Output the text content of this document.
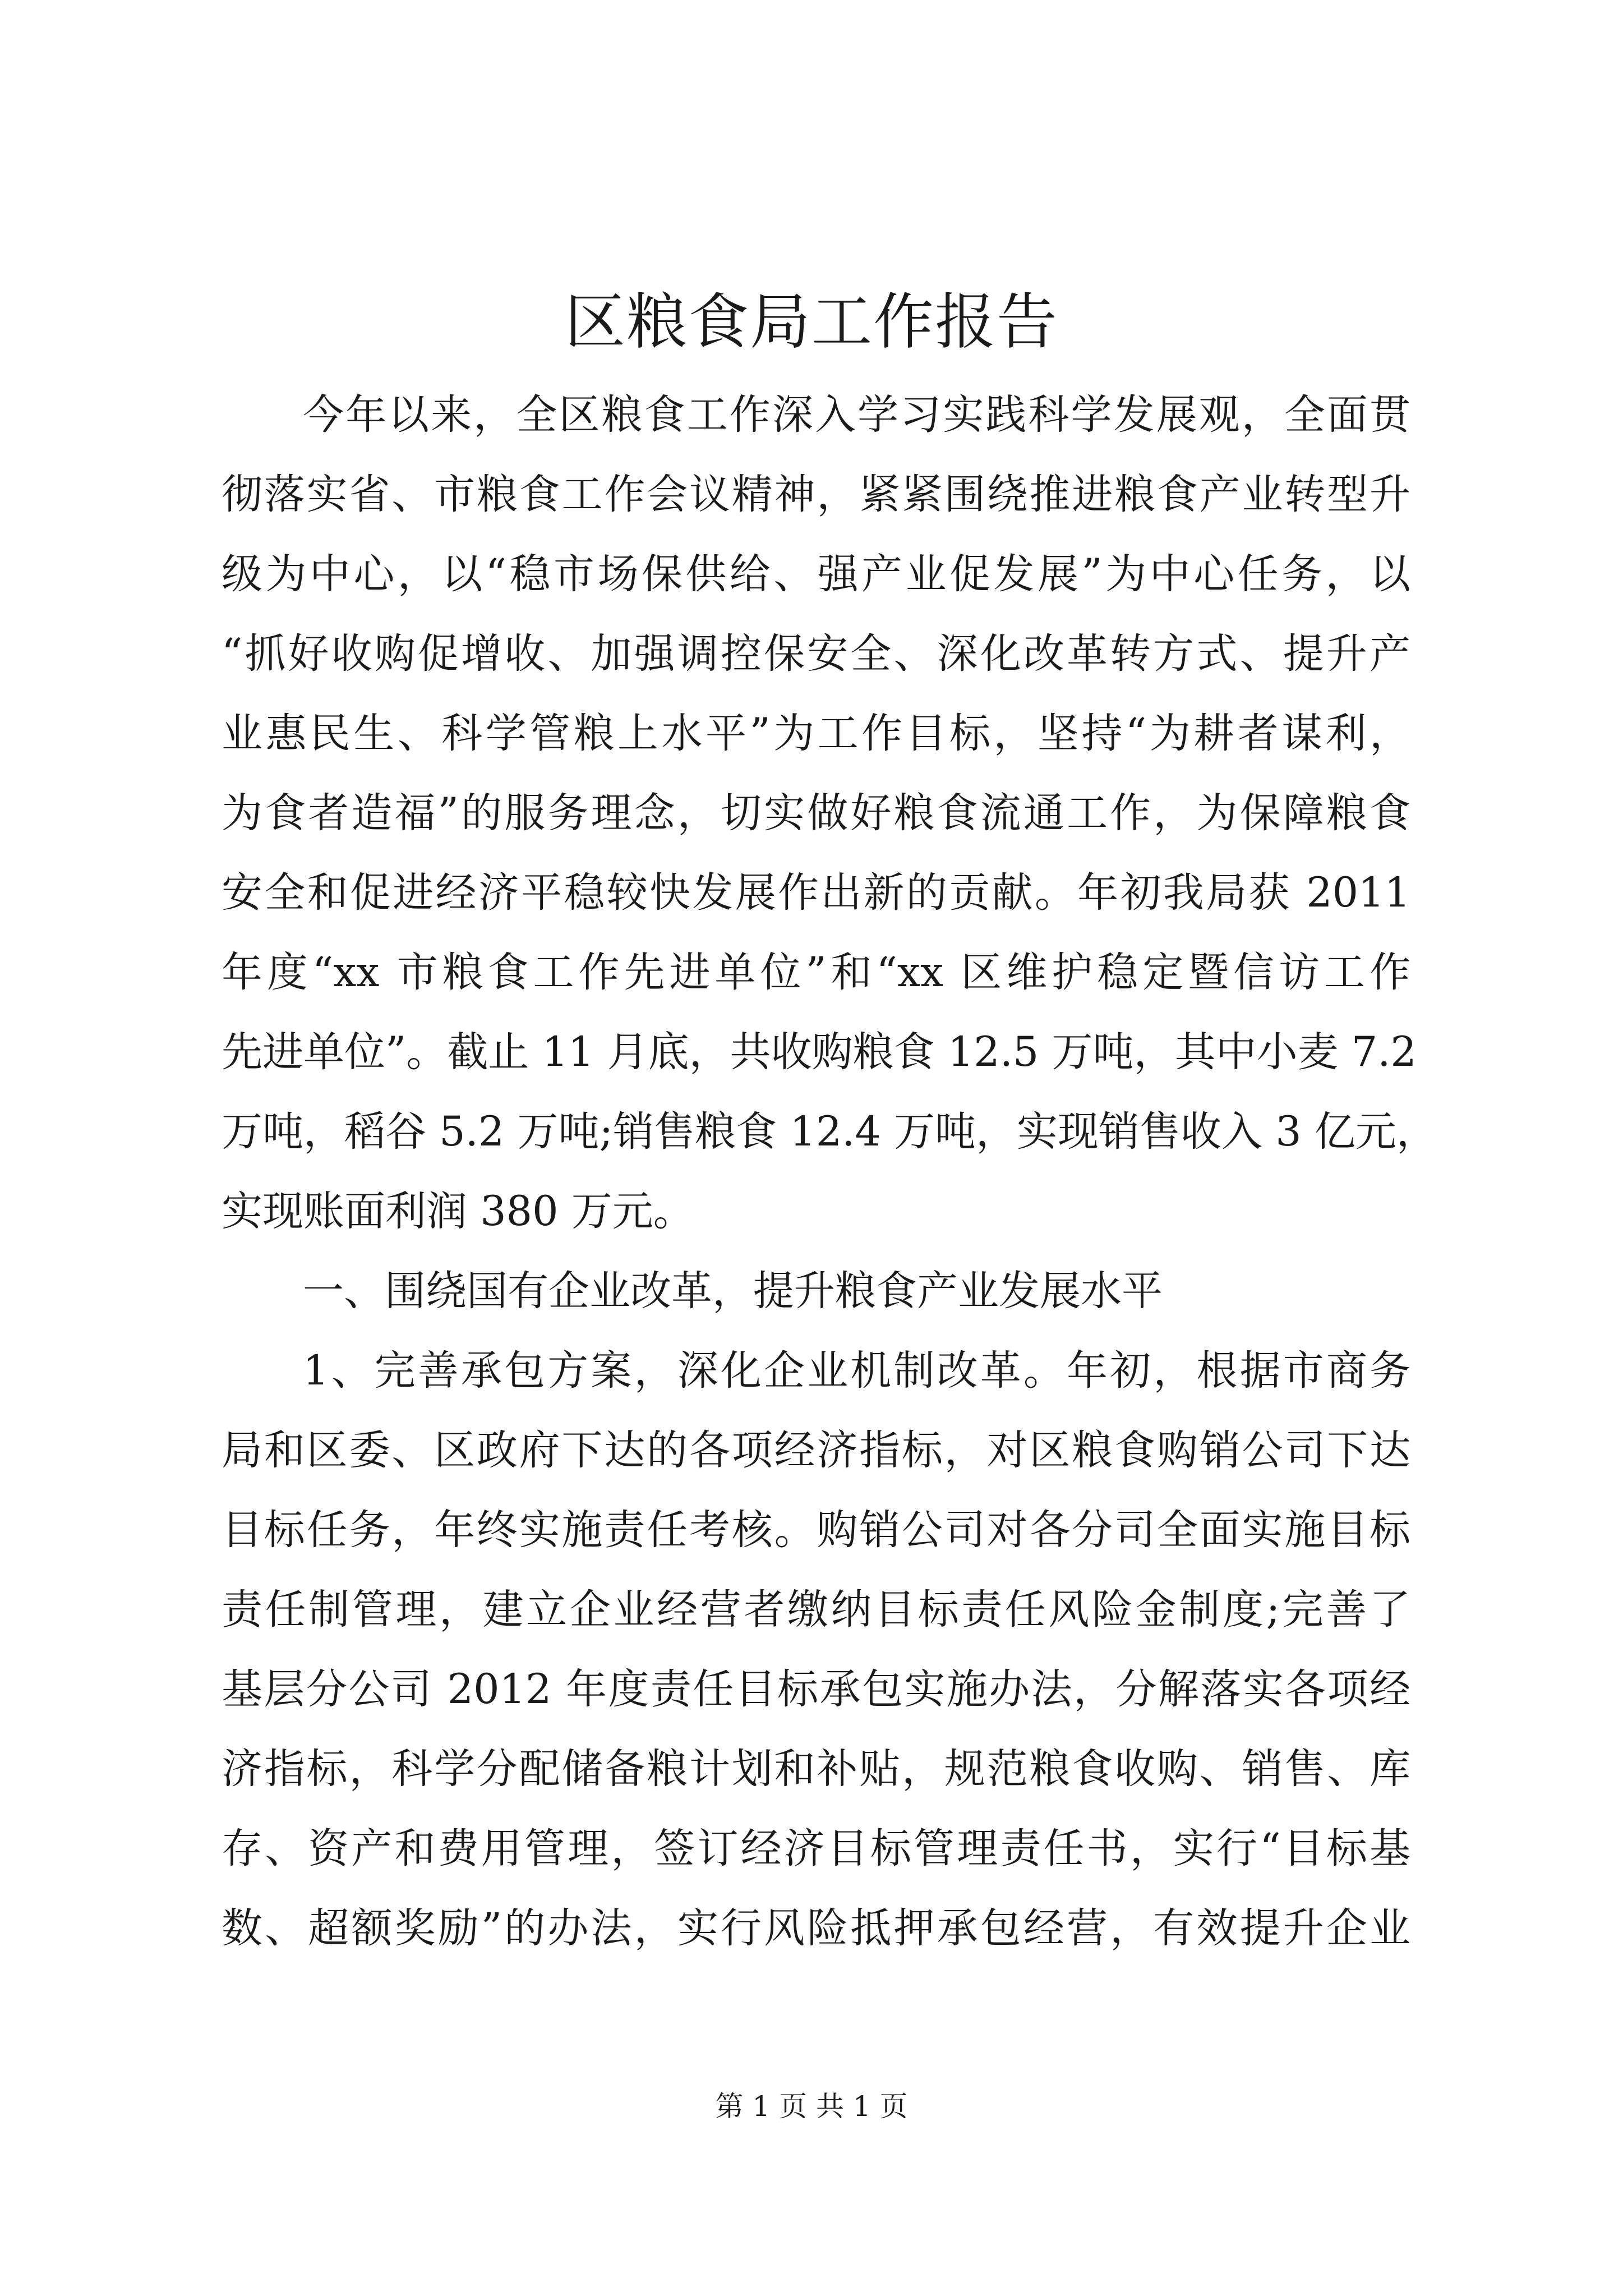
区粮食局工作报告
今年以来，全区粮食工作深入学习实践科学发展观，全面贯
彻落实省、市粮食工作会议精神，紧紧围绕推进粮食产业转型升
级为中心，以“稳市场保供给、强产业促发展”为中心任务，以
“抓好收购促增收、加强调控保安全、深化改革转方式、提升产
业惠民生、科学管粮上水平”为工作目标，坚持“为耕者谋利，
为食者造福”的服务理念，切实做好粮食流通工作，为保障粮食
安全和促进经济平稳较快发展作出新的贡献。年初我局获 2011
年度“xx 市粮食工作先进单位”和“xx 区维护稳定暨信访工作
先进单位”。截止 11 月底，共收购粮食 12.5 万吨，其中小麦 7.2
万吨，稻谷 5.2 万吨;销售粮食 12.4 万吨，实现销售收入 3 亿元，
实现账面利润 380 万元。
一、围绕国有企业改革，提升粮食产业发展水平
1、完善承包方案，深化企业机制改革。年初，根据市商务
局和区委、区政府下达的各项经济指标，对区粮食购销公司下达
目标任务，年终实施责任考核。购销公司对各分司全面实施目标
责任制管理，建立企业经营者缴纳目标责任风险金制度;完善了
基层分公司 2012 年度责任目标承包实施办法，分解落实各项经
济指标，科学分配储备粮计划和补贴，规范粮食收购、销售、库
存、资产和费用管理，签订经济目标管理责任书，实行“目标基
数、超额奖励”的办法，实行风险抵押承包经营，有效提升企业
第 1 页 共 1 页
